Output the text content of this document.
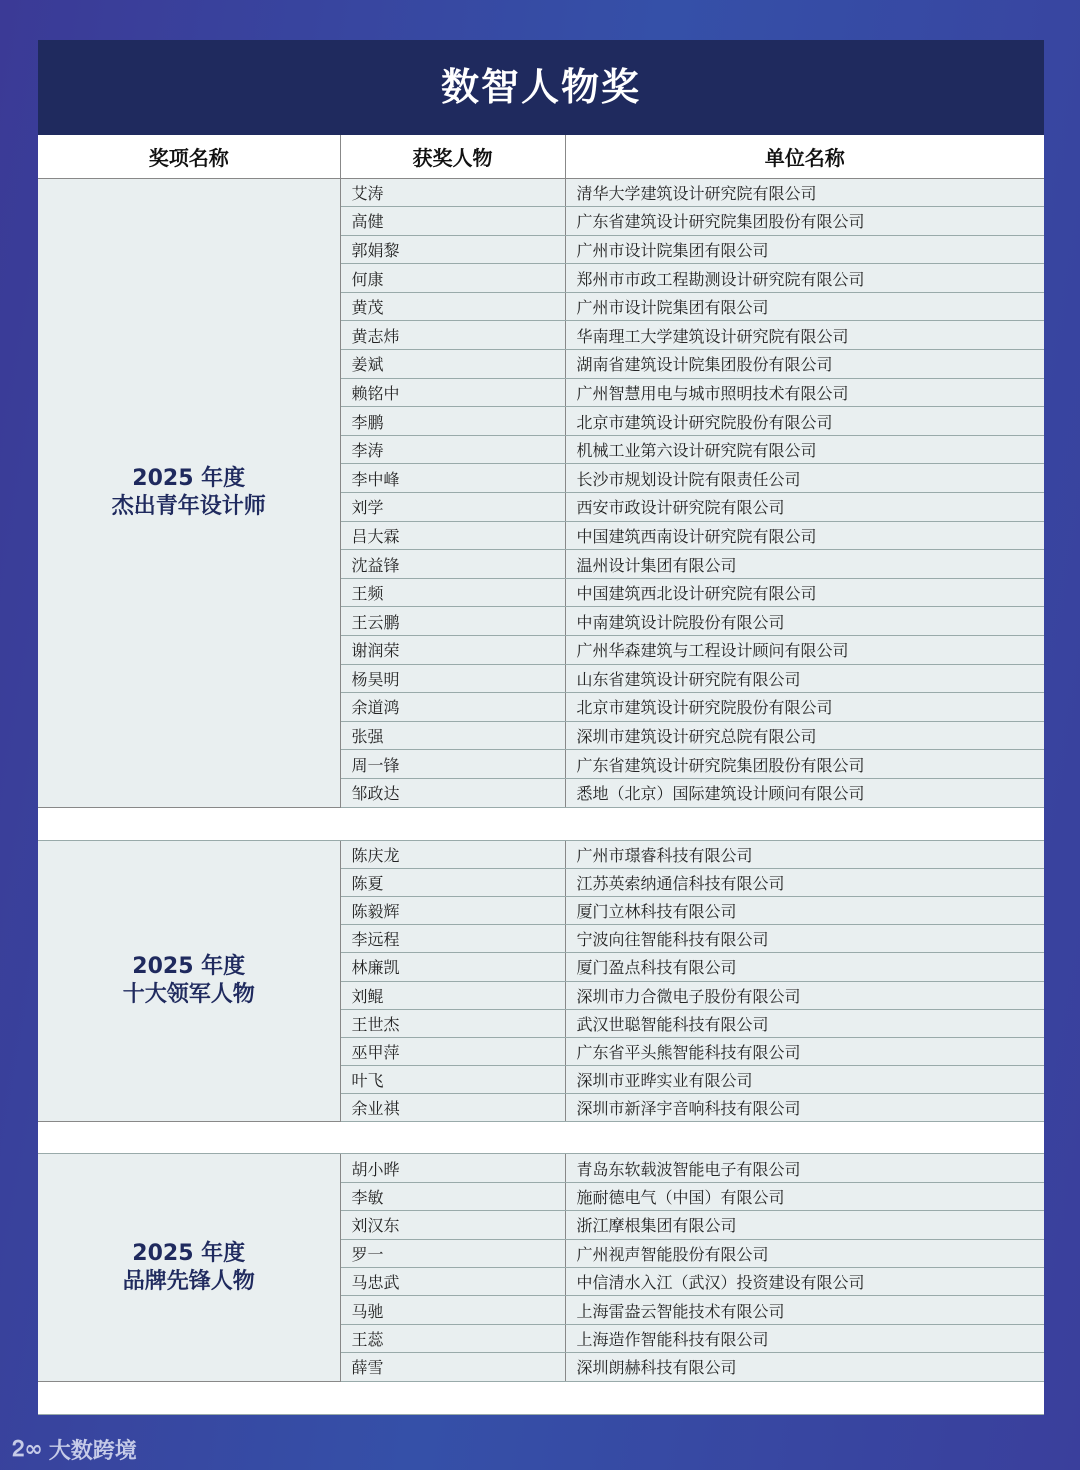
数智人物奖
奖项名称	获奖人物	单位名称

2025 年度
杰出青年设计师	艾涛	清华大学建筑设计研究院有限公司
	高健	广东省建筑设计研究院集团股份有限公司
	郭娟黎	广州市设计院集团有限公司
	何康	郑州市市政工程勘测设计研究院有限公司
	黄茂	广州市设计院集团有限公司
	黄志炜	华南理工大学建筑设计研究院有限公司
	姜斌	湖南省建筑设计院集团股份有限公司
	赖铭中	广州智慧用电与城市照明技术有限公司
	李鹏	北京市建筑设计研究院股份有限公司
	李涛	机械工业第六设计研究院有限公司
	李中峰	长沙市规划设计院有限责任公司
	刘学	西安市政设计研究院有限公司
	吕大霖	中国建筑西南设计研究院有限公司
	沈益锋	温州设计集团有限公司
	王频	中国建筑西北设计研究院有限公司
	王云鹏	中南建筑设计院股份有限公司
	谢润荣	广州华森建筑与工程设计顾问有限公司
	杨昊明	山东省建筑设计研究院有限公司
	余道鸿	北京市建筑设计研究院股份有限公司
	张强	深圳市建筑设计研究总院有限公司
	周一锋	广东省建筑设计研究院集团股份有限公司
	邹政达	悉地（北京）国际建筑设计顾问有限公司

2025 年度
十大领军人物	陈庆龙	广州市璟睿科技有限公司
	陈夏	江苏英索纳通信科技有限公司
	陈毅辉	厦门立林科技有限公司
	李远程	宁波向往智能科技有限公司
	林廉凯	厦门盈点科技有限公司
	刘鲲	深圳市力合微电子股份有限公司
	王世杰	武汉世聪智能科技有限公司
	巫甲萍	广东省平头熊智能科技有限公司
	叶飞	深圳市亚晔实业有限公司
	余业祺	深圳市新泽宇音响科技有限公司

2025 年度
品牌先锋人物	胡小晔	青岛东软载波智能电子有限公司
	李敏	施耐德电气（中国）有限公司
	刘汉东	浙江摩根集团有限公司
	罗一	广州视声智能股份有限公司
	马忠武	中信清水入江（武汉）投资建设有限公司
	马驰	上海雷盎云智能技术有限公司
	王蕊	上海造作智能科技有限公司
	薛雪	深圳朗赫科技有限公司

ᒿ∞ 大数跨境
